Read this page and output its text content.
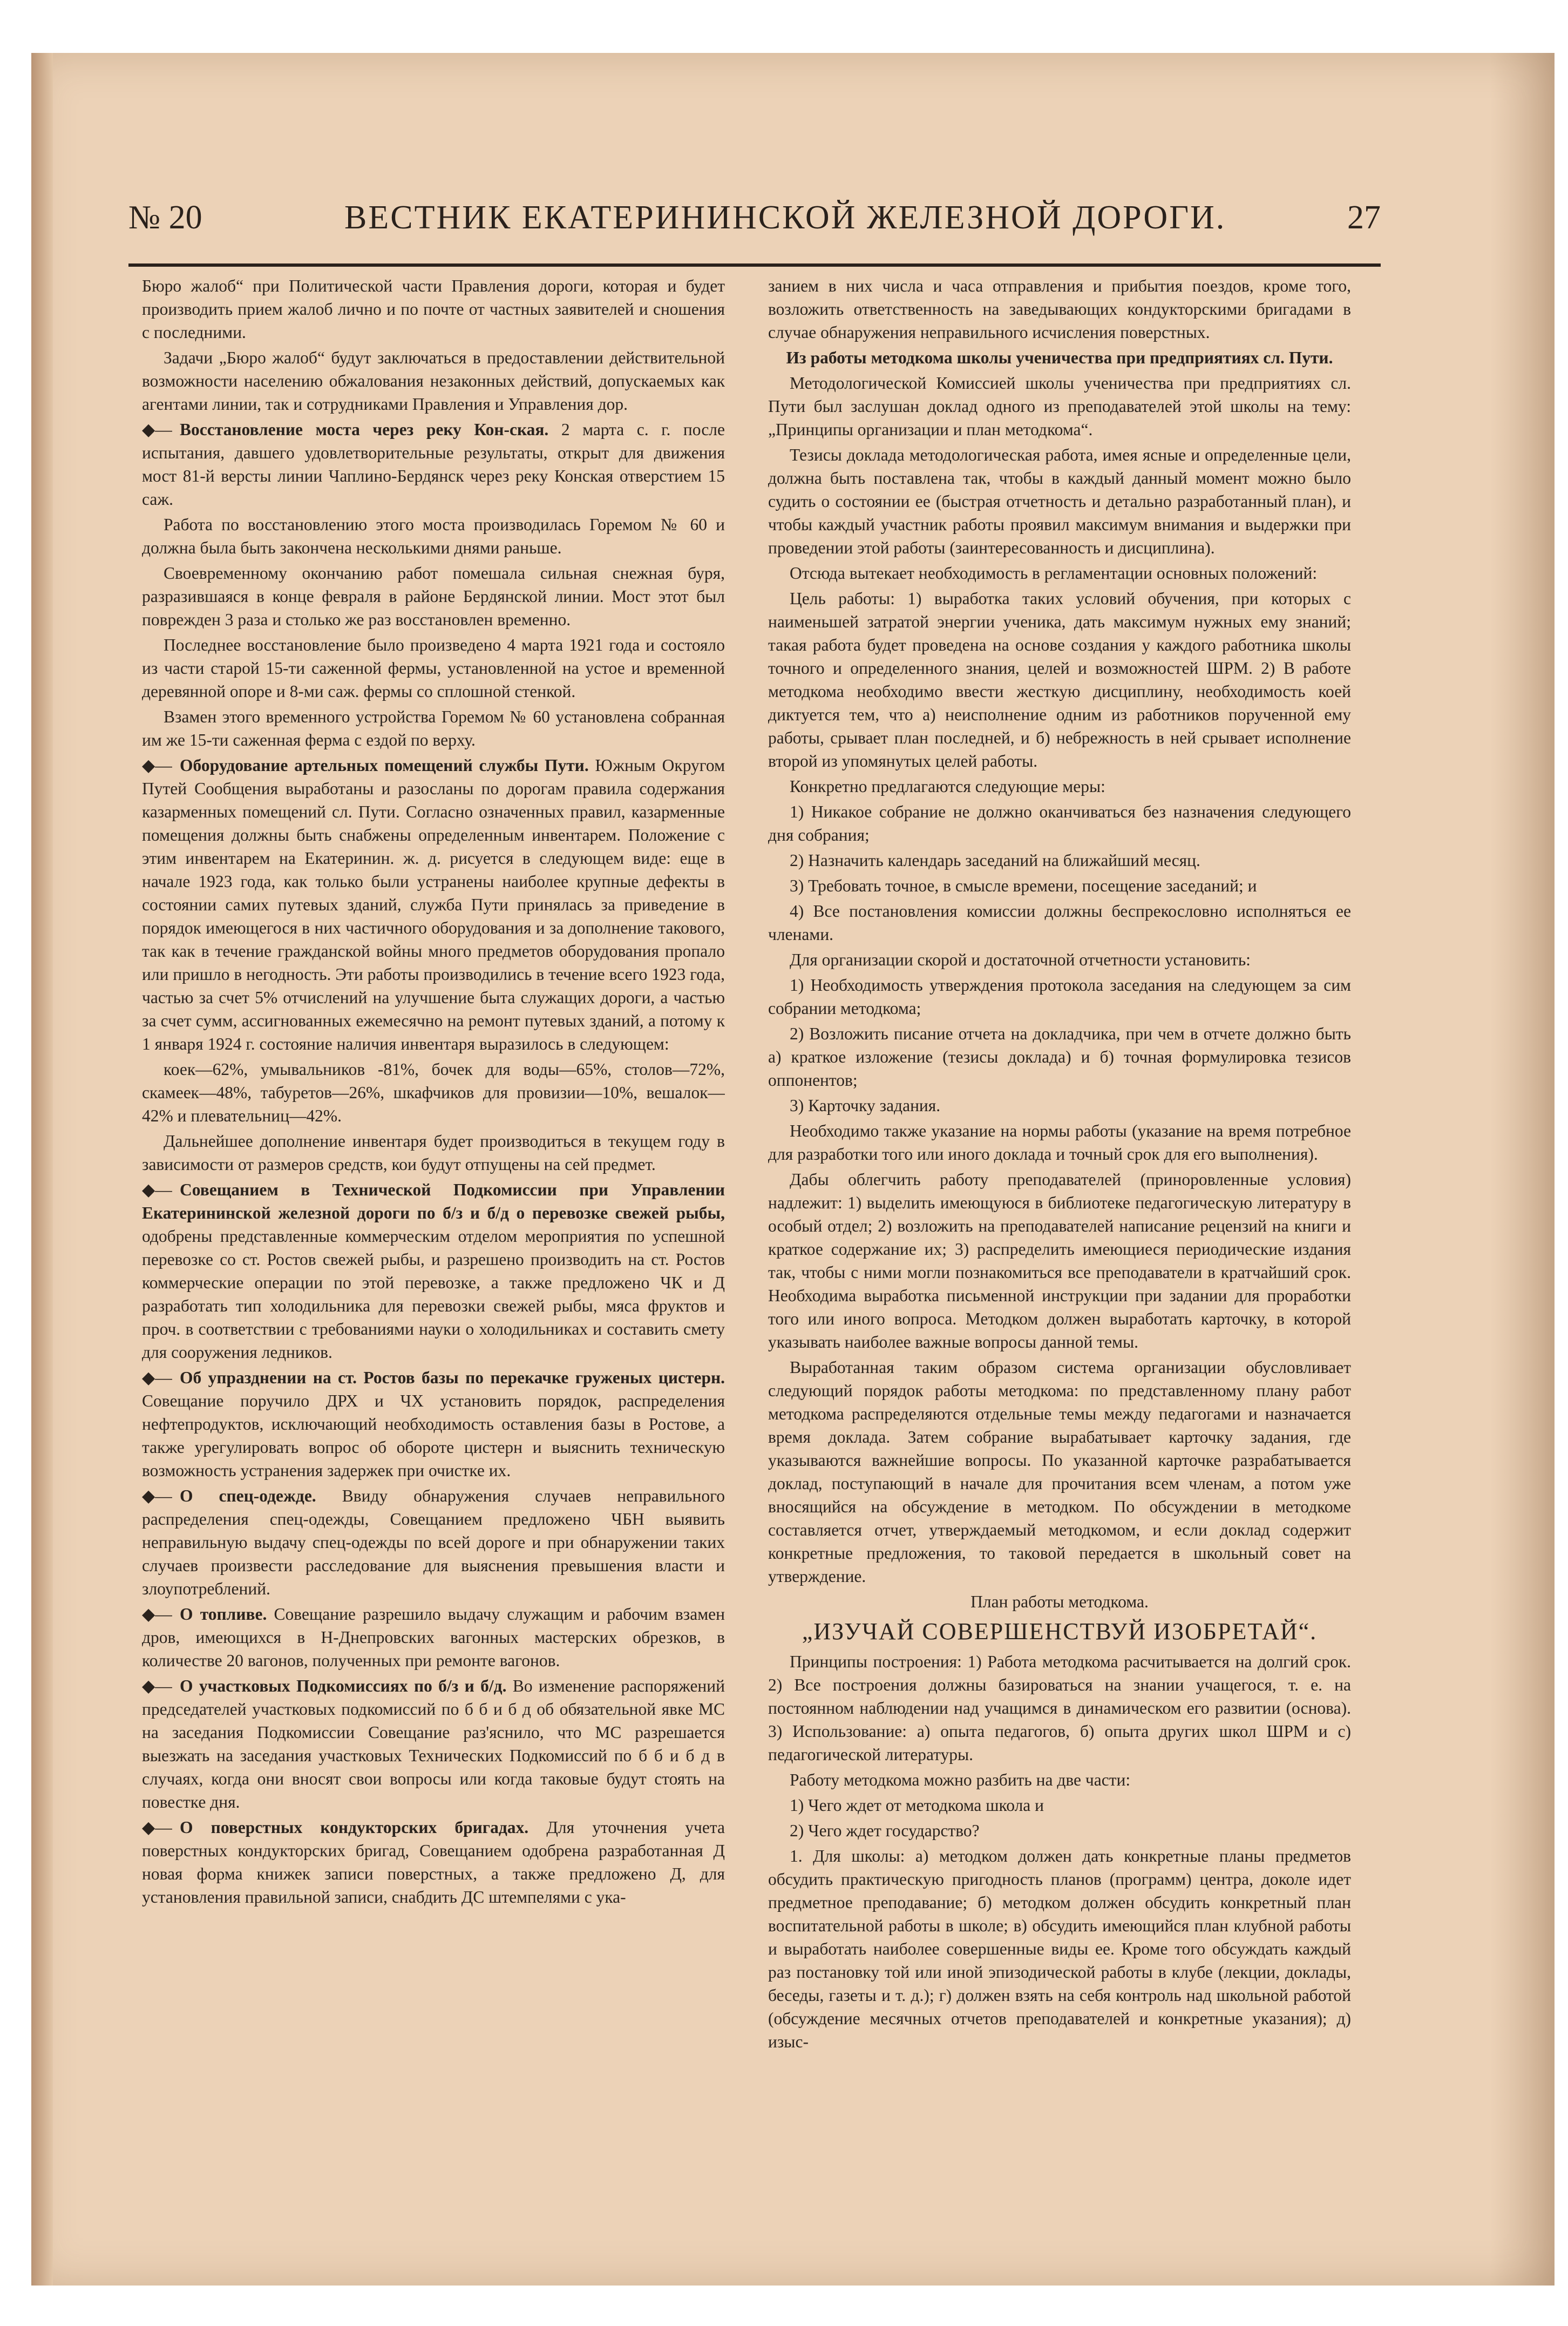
№ 20	ВЕСТНИК ЕКАТЕРИНИНСКОЙ ЖЕЛЕЗНОЙ ДОРОГИ.	27

Бюро жалоб“ при Политической части Правления дороги, которая и будет производить прием жалоб лично и по почте от частных заявителей и сношения с последними.

Задачи „Бюро жалоб“ будут заключаться в предоставлении действительной возможности населению обжалования незаконных действий, допускаемых как агентами линии, так и сотрудниками Правления и Управления дор.

◆— Восстановление моста через реку Кон-ская. 2 марта с. г. после испытания, давшего удовлетворительные результаты, открыт для движения мост 81-й версты линии Чаплино-Бердянск через реку Конская отверстием 15 саж.

Работа по восстановлению этого моста производилась Горемом № 60 и должна была быть закончена несколькими днями раньше.

Своевременному окончанию работ помешала сильная снежная буря, разразившаяся в конце февраля в районе Бердянской линии. Мост этот был поврежден 3 раза и столько же раз восстановлен временно.

Последнее восстановление было произведено 4 марта 1921 года и состояло из части старой 15-ти саженной фермы, установленной на устое и временной деревянной опоре и 8-ми саж. фермы со сплошной стенкой.

Взамен этого временного устройства Горемом № 60 установлена собранная им же 15-ти саженная ферма с ездой по верху.

◆— Оборудование артельных помещений службы Пути. Южным Округом Путей Сообщения выработаны и разосланы по дорогам правила содержания казарменных помещений сл. Пути. Согласно означенных правил, казарменные помещения должны быть снабжены определенным инвентарем. Положение с этим инвентарем на Екатеринин. ж. д. рисуется в следующем виде: еще в начале 1923 года, как только были устранены наиболее крупные дефекты в состоянии самих путевых зданий, служба Пути принялась за приведение в порядок имеющегося в них частичного оборудования и за дополнение такового, так как в течение гражданской войны много предметов оборудования пропало или пришло в негодность. Эти работы производились в течение всего 1923 года, частью за счет 5% отчислений на улучшение быта служащих дороги, а частью за счет сумм, ассигнованных ежемесячно на ремонт путевых зданий, а потому к 1 января 1924 г. состояние наличия инвентаря выразилось в следующем:

коек—62%, умывальников -81%, бочек для воды—65%, столов—72%, скамеек—48%, табуретов—26%, шкафчиков для провизии—10%, вешалок—42% и плевательниц—42%.

Дальнейшее дополнение инвентаря будет производиться в текущем году в зависимости от размеров средств, кои будут отпущены на сей предмет.

◆— Совещанием в Технической Подкомиссии при Управлении Екатерининской железной дороги по б/з и б/д о перевозке свежей рыбы, одобрены представленные коммерческим отделом мероприятия по успешной перевозке со ст. Ростов свежей рыбы, и разрешено производить на ст. Ростов коммерческие операции по этой перевозке, а также предложено ЧК и Д разработать тип холодильника для перевозки свежей рыбы, мяса фруктов и проч. в соответствии с требованиями науки о холодильниках и составить смету для сооружения ледников.

◆— Об упразднении на ст. Ростов базы по перекачке груженых цистерн. Совещание поручило ДРХ и ЧХ установить порядок, распределения нефтепродуктов, исключающий необходимость оставления базы в Ростове, а также урегулировать вопрос об обороте цистерн и выяснить техническую возможность устранения задержек при очистке их.

◆— О спец-одежде. Ввиду обнаружения случаев неправильного распределения спец-одежды, Совещанием предложено ЧБН выявить неправильную выдачу спец-одежды по всей дороге и при обнаружении таких случаев произвести расследование для выяснения превышения власти и злоупотреблений.

◆— О топливе. Совещание разрешило выдачу служащим и рабочим взамен дров, имеющихся в Н-Днепровских вагонных мастерских обрезков, в количестве 20 вагонов, полученных при ремонте вагонов.

◆— О участковых Подкомиссиях по б/з и б/д. Во изменение распоряжений председателей участковых подкомиссий по б б и б д об обязательной явке МС на заседания Подкомиссии Совещание раз'яснило, что МС разрешается выезжать на заседания участковых Технических Подкомиссий по б б и б д в случаях, когда они вносят свои вопросы или когда таковые будут стоять на повестке дня.

◆— О поверстных кондукторских бригадах. Для уточнения учета поверстных кондукторских бригад, Совещанием одобрена разработанная Д новая форма книжек записи поверстных, а также предложено Д, для установления правильной записи, снабдить ДС штемпелями с ука-

занием в них числа и часа отправления и прибытия поездов, кроме того, возложить ответственность на заведывающих кондукторскими бригадами в случае обнаружения неправильного исчисления поверстных.

Из работы методкома школы ученичества при предприятиях сл. Пути.

Методологической Комиссией школы ученичества при предприятиях сл. Пути был заслушан доклад одного из преподавателей этой школы на тему: „Принципы организации и план методкома“.

Тезисы доклада методологическая работа, имея ясные и определенные цели, должна быть поставлена так, чтобы в каждый данный момент можно было судить о состоянии ее (быстрая отчетность и детально разработанный план), и чтобы каждый участник работы проявил максимум внимания и выдержки при проведении этой работы (заинтересованность и дисциплина).

Отсюда вытекает необходимость в регламентации основных положений:

Цель работы: 1) выработка таких условий обучения, при которых с наименьшей затратой энергии ученика, дать максимум нужных ему знаний; такая работа будет проведена на основе создания у каждого работника школы точного и определенного знания, целей и возможностей ШРМ. 2) В работе методкома необходимо ввести жесткую дисциплину, необходимость коей диктуется тем, что а) неисполнение одним из работников порученной ему работы, срывает план последней, и б) небрежность в ней срывает исполнение второй из упомянутых целей работы.

Конкретно предлагаются следующие меры:

1) Никакое собрание не должно оканчиваться без назначения следующего дня собрания;

2) Назначить календарь заседаний на ближайший месяц.

3) Требовать точное, в смысле времени, посещение заседаний; и

4) Все постановления комиссии должны беспрекословно исполняться ее членами.

Для организации скорой и достаточной отчетности установить:

1) Необходимость утверждения протокола заседания на следующем за сим собрании методкома;

2) Возложить писание отчета на докладчика, при чем в отчете должно быть а) краткое изложение (тезисы доклада) и б) точная формулировка тезисов оппонентов;

3) Карточку задания.

Необходимо также указание на нормы работы (указание на время потребное для разработки того или иного доклада и точный срок для его выполнения).

Дабы облегчить работу преподавателей (приноровленные условия) надлежит: 1) выделить имеющуюся в библиотеке педагогическую литературу в особый отдел; 2) возложить на преподавателей написание рецензий на книги и краткое содержание их; 3) распределить имеющиеся периодические издания так, чтобы с ними могли познакомиться все преподаватели в кратчайший срок. Необходима выработка письменной инструкции при задании для проработки того или иного вопроса. Методком должен выработать карточку, в которой указывать наиболее важные вопросы данной темы.

Выработанная таким образом система организации обусловливает следующий порядок работы методкома: по представленному плану работ методкома распределяются отдельные темы между педагогами и назначается время доклада. Затем собрание вырабатывает карточку задания, где указываются важнейшие вопросы. По указанной карточке разрабатывается доклад, поступающий в начале для прочитания всем членам, а потом уже вносящийся на обсуждение в методком. По обсуждении в методкоме составляется отчет, утверждаемый методкомом, и если доклад содержит конкретные предложения, то таковой передается в школьный совет на утверждение.

План работы методкома.

„ИЗУЧАЙ СОВЕРШЕНСТВУЙ ИЗОБРЕТАЙ“.

Принципы построения: 1) Работа методкома расчитывается на долгий срок. 2) Все построения должны базироваться на знании учащегося, т. е. на постоянном наблюдении над учащимся в динамическом его развитии (основа). 3) Использование: а) опыта педагогов, б) опыта других школ ШРМ и с) педагогической литературы.

Работу методкома можно разбить на две части:

1) Чего ждет от методкома школа и

2) Чего ждет государство?

1. Для школы: а) методком должен дать конкретные планы предметов обсудить практическую пригодность планов (программ) центра, доколе идет предметное преподавание; б) методком должен обсудить конкретный план воспитательной работы в школе; в) обсудить имеющийся план клубной работы и выработать наиболее совершенные виды ее. Кроме того обсуждать каждый раз постановку той или иной эпизодической работы в клубе (лекции, доклады, беседы, газеты и т. д.); г) должен взять на себя контроль над школьной работой (обсуждение месячных отчетов преподавателей и конкретные указания); д) изыс-
